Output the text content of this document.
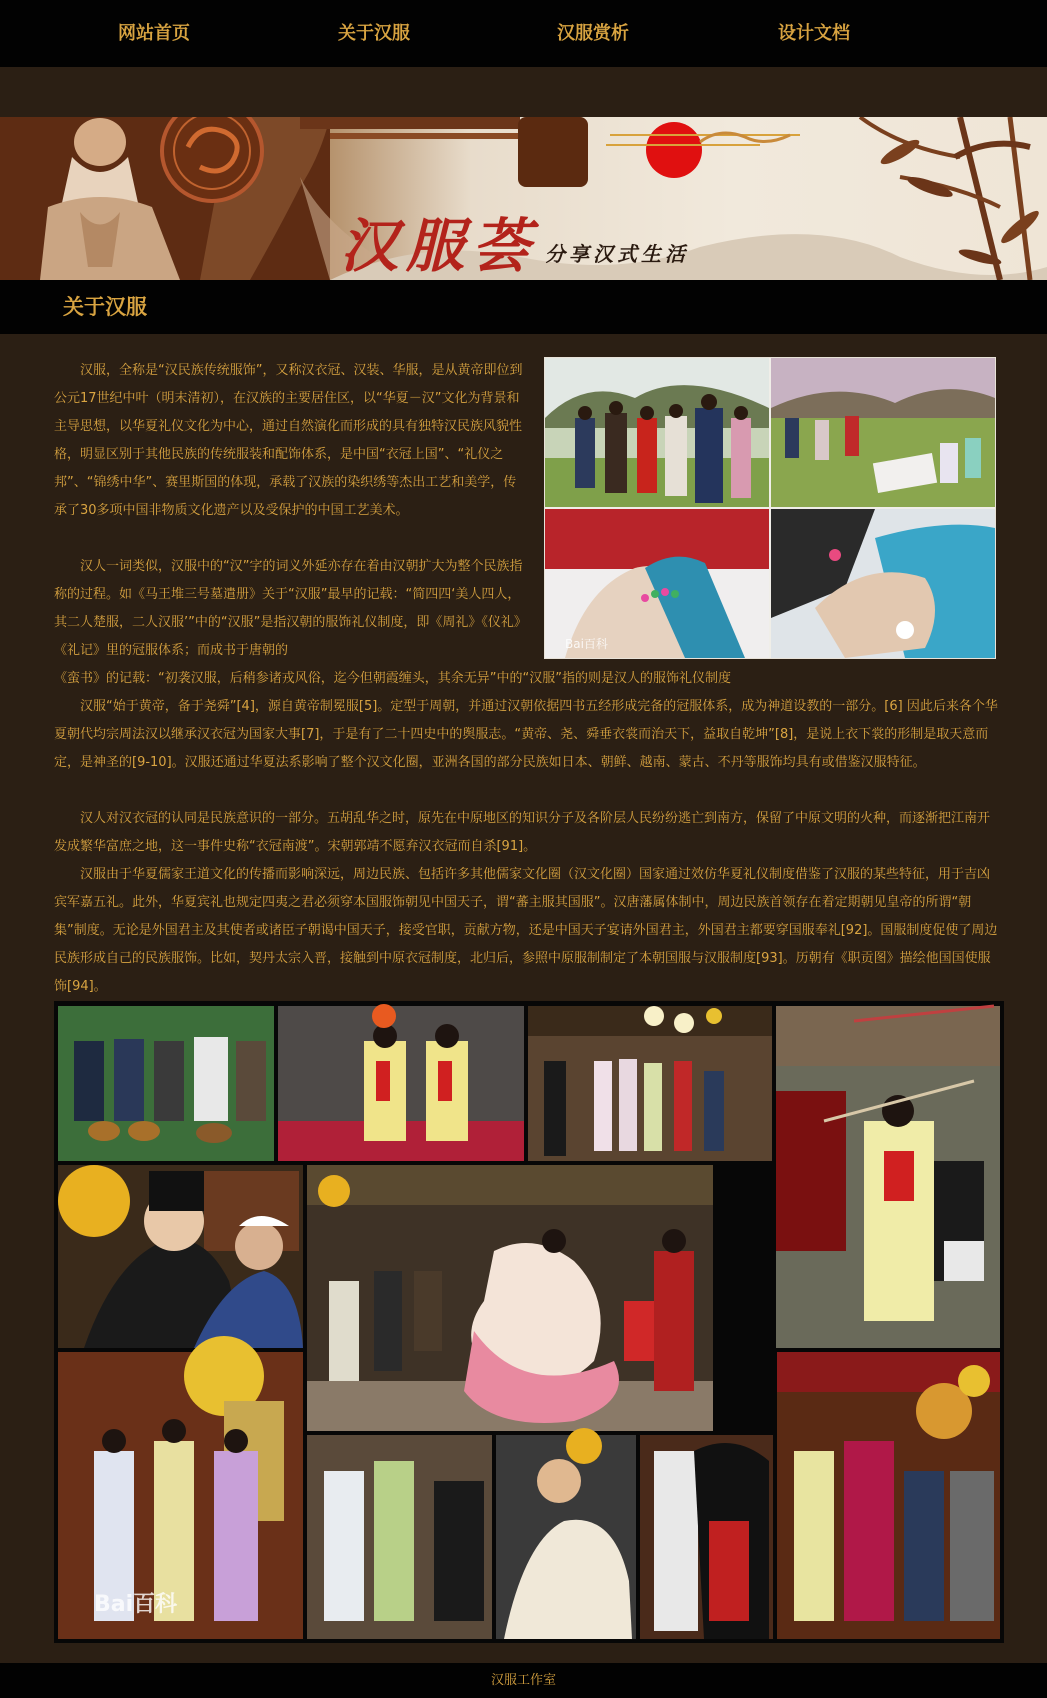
网站首页	关于汉服	汉服赏析	设计文档
汉服荟 分享汉式生活
关于汉服

汉服，全称是“汉民族传统服饰”，又称汉衣冠、汉装、华服，是从黄帝即位到公元17世纪中叶（明末清初），在汉族的主要居住区，以“华夏－汉”文化为背景和主导思想，以华夏礼仪文化为中心，通过自然演化而形成的具有独特汉民族风貌性格，明显区别于其他民族的传统服装和配饰体系，是中国“衣冠上国”、“礼仪之邦”、“锦绣中华”、赛里斯国的体现，承载了汉族的染织绣等杰出工艺和美学，传承了30多项中国非物质文化遗产以及受保护的中国工艺美术。

汉人一词类似，汉服中的“汉”字的词义外延亦存在着由汉朝扩大为整个民族指称的过程。如《马王堆三号墓遣册》关于“汉服”最早的记载：“简四四‘美人四人，其二人楚服，二人汉服’”中的“汉服”是指汉朝的服饰礼仪制度，即《周礼》《仪礼》《礼记》里的冠服体系；而成书于唐朝的

《蛮书》的记载：“初袭汉服，后稍参诸戎风俗，迄今但朝霞缠头，其余无异”中的“汉服”指的则是汉人的服饰礼仪制度

汉服“始于黄帝，备于尧舜”[4]，源自黄帝制冕服[5]。定型于周朝，并通过汉朝依据四书五经形成完备的冠服体系，成为神道设教的一部分。[6] 因此后来各个华夏朝代均宗周法汉以继承汉衣冠为国家大事[7]，于是有了二十四史中的舆服志。“黄帝、尧、舜垂衣裳而治天下，益取自乾坤”[8]，是说上衣下裳的形制是取天意而定，是神圣的[9-10]。汉服还通过华夏法系影响了整个汉文化圈，亚洲各国的部分民族如日本、朝鲜、越南、蒙古、不丹等服饰均具有或借鉴汉服特征。

汉人对汉衣冠的认同是民族意识的一部分。五胡乱华之时，原先在中原地区的知识分子及各阶层人民纷纷逃亡到南方，保留了中原文明的火种，而逐渐把江南开发成繁华富庶之地，这一事件史称“衣冠南渡”。宋朝郭靖不愿弃汉衣冠而自杀[91]。

汉服由于华夏儒家王道文化的传播而影响深远，周边民族、包括许多其他儒家文化圈（汉文化圈）国家通过效仿华夏礼仪制度借鉴了汉服的某些特征，用于吉凶宾军嘉五礼。此外，华夏宾礼也规定四夷之君必须穿本国服饰朝见中国天子，谓“蕃主服其国服”。汉唐藩属体制中，周边民族首领存在着定期朝见皇帝的所谓“朝集”制度。无论是外国君主及其使者或诸臣子朝谒中国天子，接受官职，贡献方物，还是中国天子宴请外国君主，外国君主都要穿国服奉礼[92]。国服制度促使了周边民族形成自己的民族服饰。比如，契丹太宗入晋，接触到中原衣冠制度，北归后，参照中原服制制定了本朝国服与汉服制度[93]。历朝有《职贡图》描绘他国国使服饰[94]。

Bai百科
Bai百科
汉服工作室
